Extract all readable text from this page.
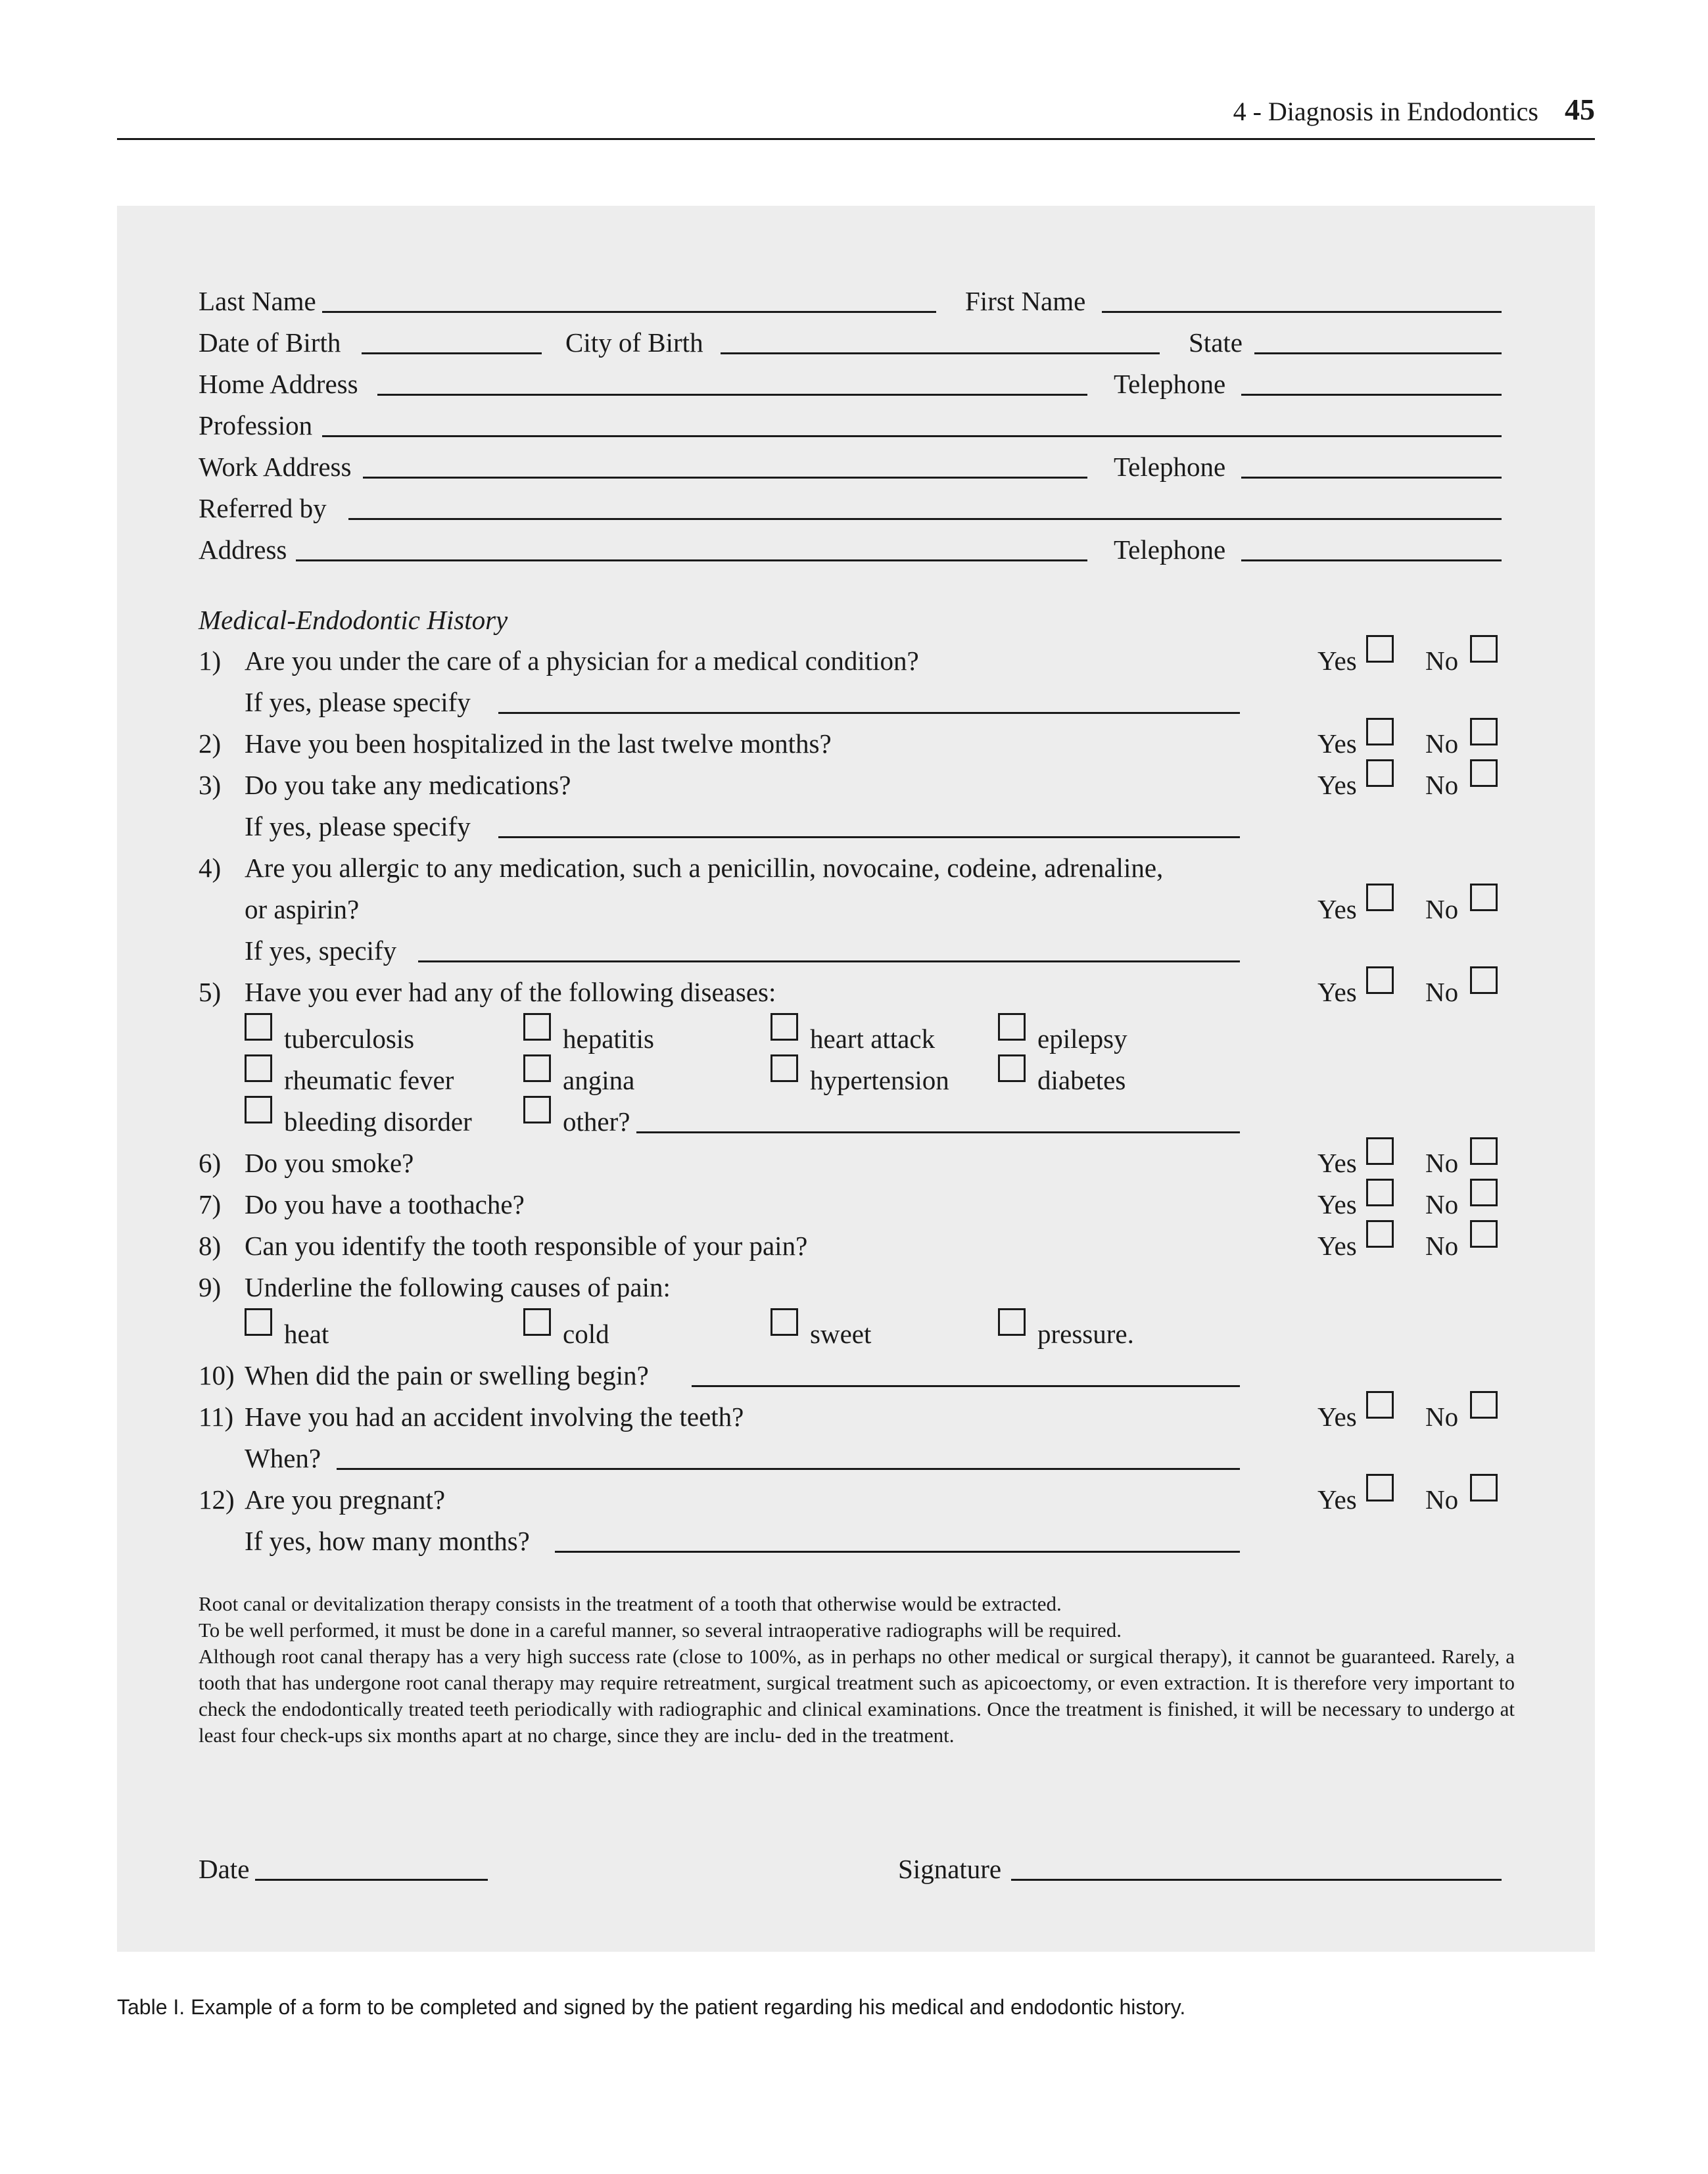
4 - Diagnosis in Endodontics 45
Last Name	First Name
Date of Birth	City of Birth	State
Home Address	Telephone
Profession
Work Address	Telephone
Referred by
Address	Telephone
Medical-Endodontic History
1) Are you under the care of a physician for a medical condition?	Yes	No
If yes, please specify
2) Have you been hospitalized in the last twelve months?	Yes	No
3) Do you take any medications?	Yes	No
If yes, please specify
4) Are you allergic to any medication, such a penicillin, novocaine, codeine, adrenaline,
or aspirin?	Yes	No
If yes, specify
5) Have you ever had any of the following diseases:	Yes	No
tuberculosis	hepatitis	heart attack	epilepsy
rheumatic fever	angina	hypertension	diabetes
bleeding disorder	other?
6) Do you smoke?	Yes	No
7) Do you have a toothache?	Yes	No
8) Can you identify the tooth responsible of your pain?	Yes	No
9) Underline the following causes of pain:
heat	cold	sweet	pressure.
10) When did the pain or swelling begin?
11) Have you had an accident involving the teeth?	Yes	No
When?
12) Are you pregnant?	Yes	No
If yes, how many months?

Root canal or devitalization therapy consists in the treatment of a tooth that otherwise would be extracted.

To be well performed, it must be done in a careful manner, so several intraoperative radiographs will be required.

Although root canal therapy has a very high success rate (close to 100%, as in perhaps no other medical or surgical therapy), it cannot be guaranteed. Rarely, a tooth that has undergone root canal therapy may require retreatment, surgical treatment such as apicoectomy, or even extraction. It is therefore very important to check the endodontically treated teeth periodically with radiographic and clinical examinations. Once the treatment is finished, it will be necessary to undergo at least four check-ups six months apart at no charge, since they are inclu- ded in the treatment.

Date	Signature
Table I. Example of a form to be completed and signed by the patient regarding his medical and endodontic history.
